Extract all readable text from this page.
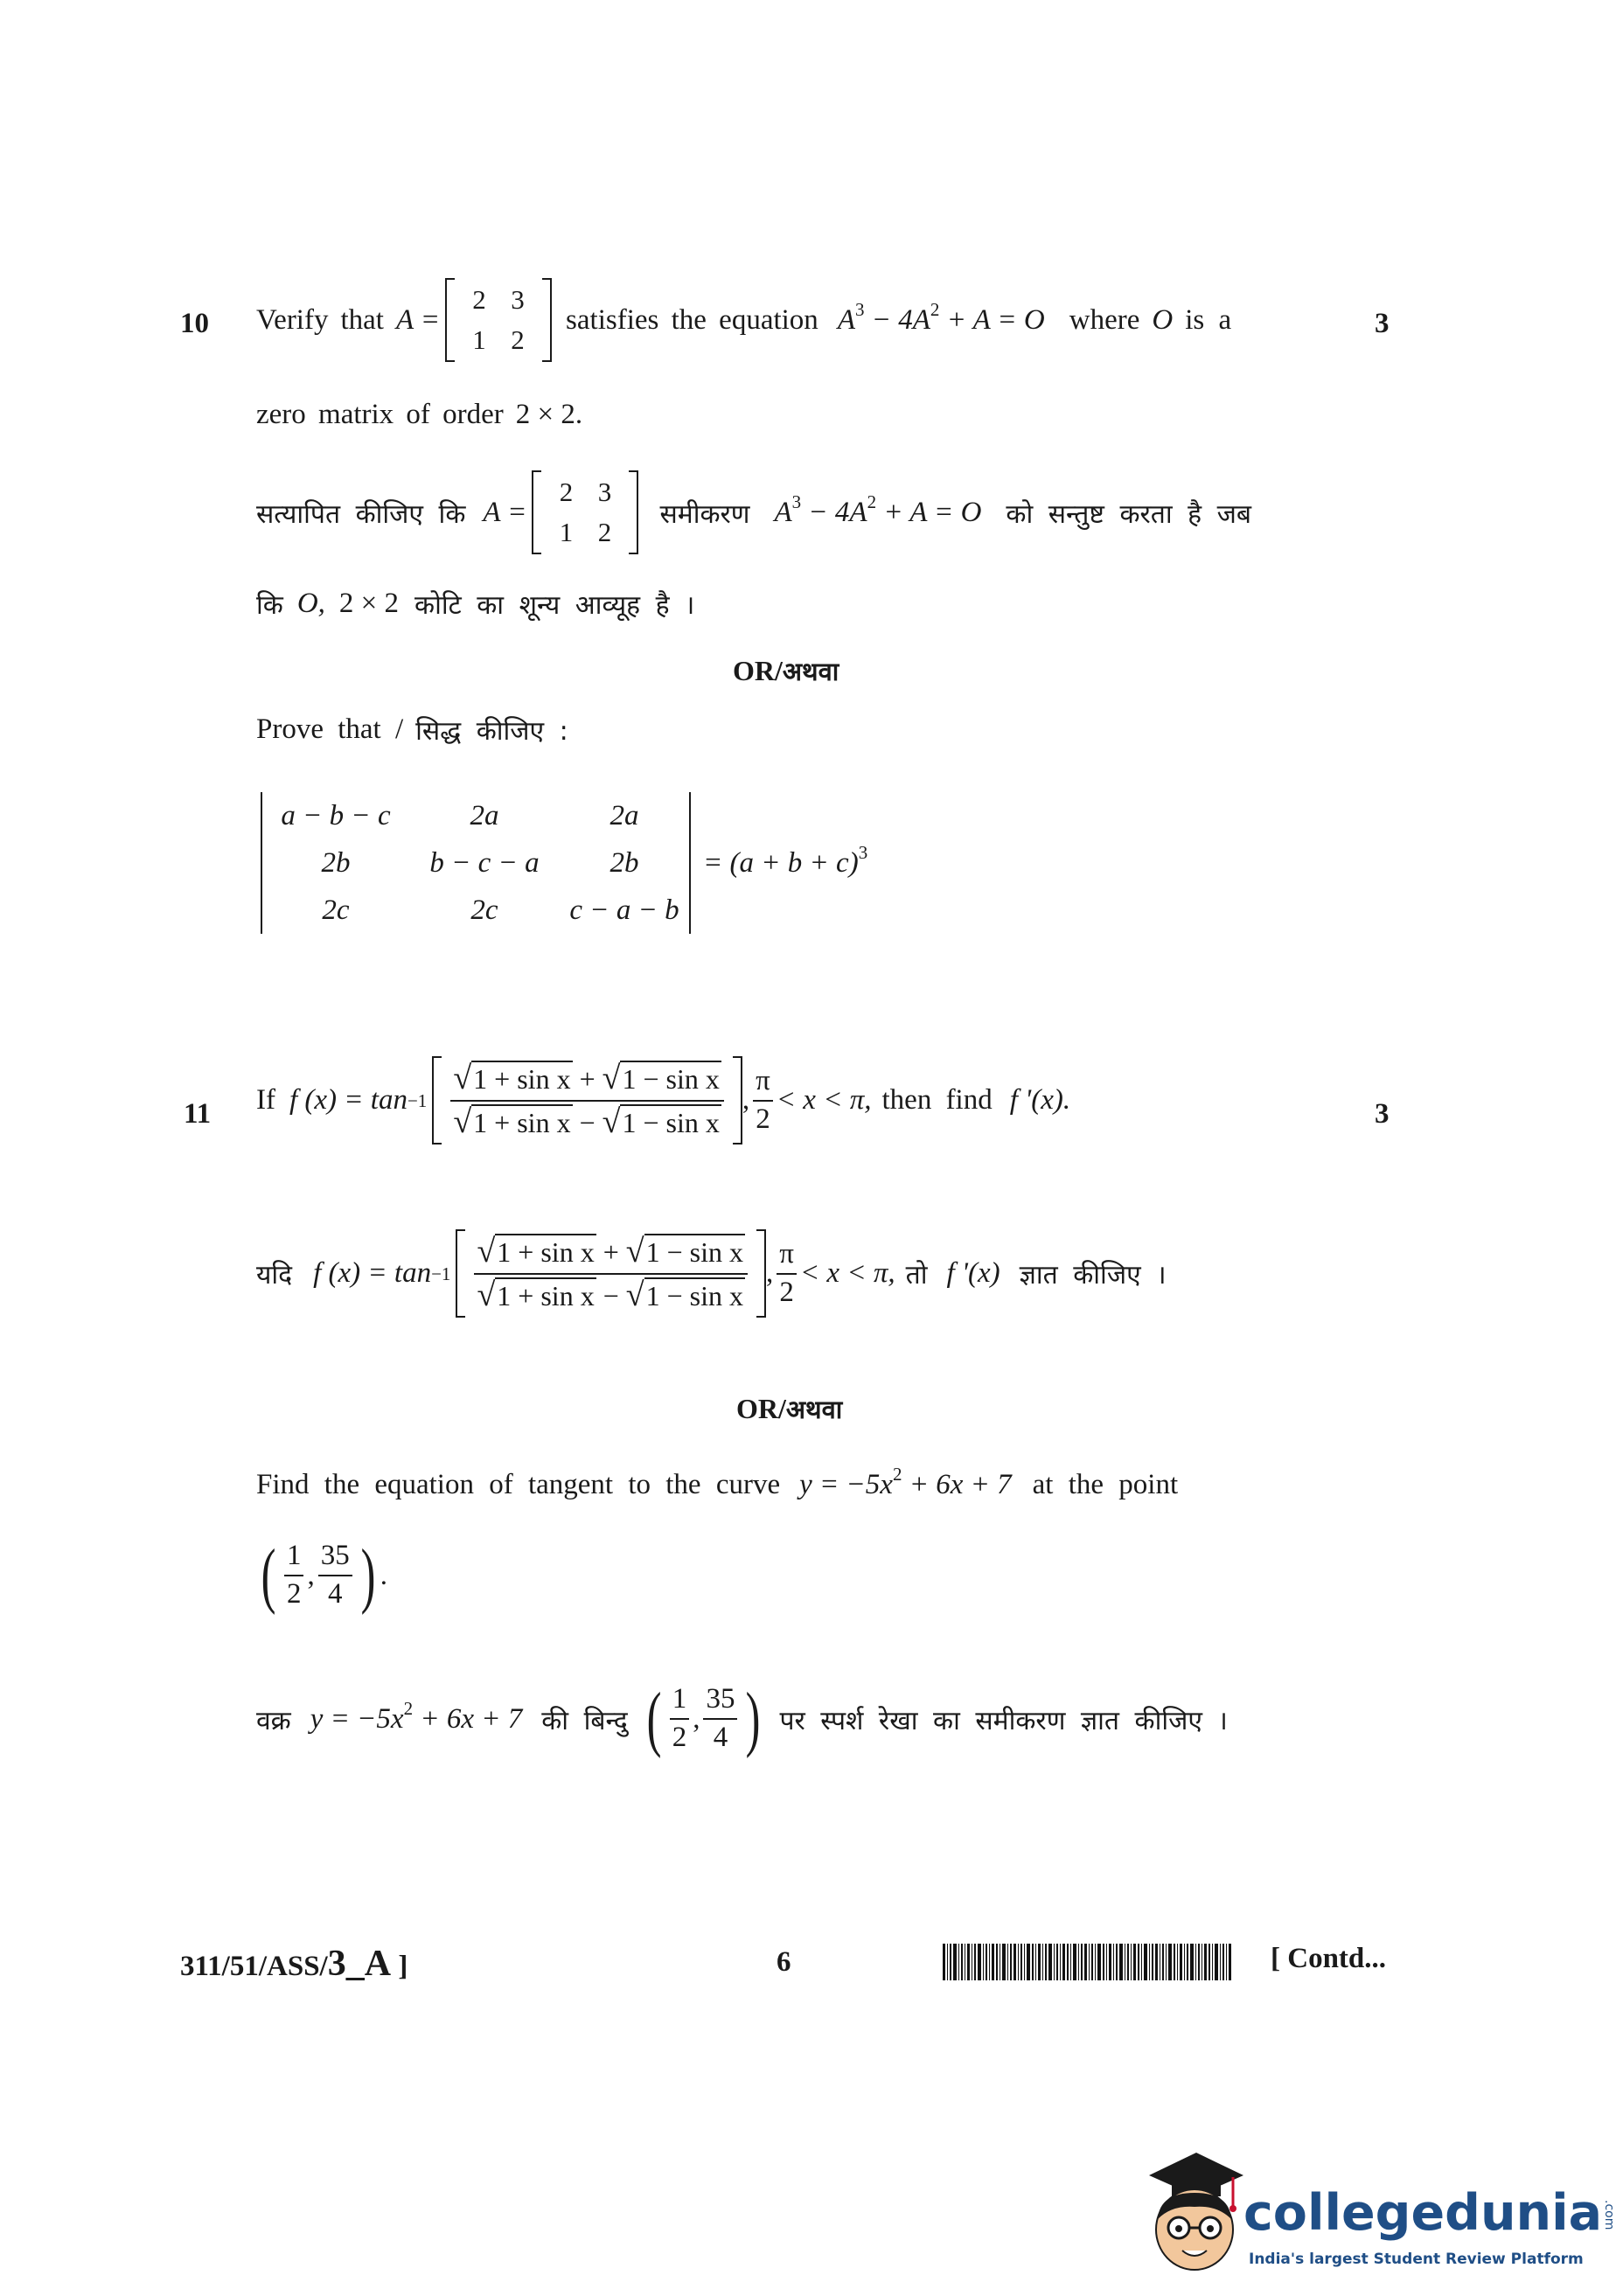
10	3
Verify that A =
2 3
1 2
satisfies the equation $A^3 - 4A^2 + A = O$ where O is a
zero matrix of order 2 × 2.
सत्यापित कीजिए कि A =
2 3
1 2
समीकरण $A^3 - 4A^2 + A = O$ को सन्तुष्ट करता है जब
कि O, 2 × 2 कोटि का शून्य आव्यूह है ।
OR/अथवा
Prove that / सिद्ध कीजिए :
a − b − c	2a	2a
2b	b − c − a	2b
2c	2c	c − a − b
= $(a + b + c)^3$
11	3
If f $(x) = \tan -1 \frac{\text{√1 + sin x + √1 − sin x}}{\text{√1 + sin x − √1 − sin x}}$ , $\frac{\pi}{2} < x < \pi$, then find f '(x).
यदि f $(x) = \tan -1 \frac{\text{√1 + sin x + √1 − sin x}}{\text{√1 + sin x − √1 − sin x}}$ , $\frac{\pi}{2} < x < \pi$, तो f '(x) ज्ञात कीजिए ।
OR/अथवा
Find the equation of tangent to the curve $y = -5x^2 + 6x + 7$ at the point
( $\frac{1}{2}$ , $\frac{35}{4}$ ) .
वक्र $y = -5x^2 + 6x + 7$ की बिन्दु ( $\frac{1}{2}$ , $\frac{35}{4}$ ) पर स्पर्श रेखा का समीकरण ज्ञात कीजिए ।
311/51/ASS/3_A ]	6	[ Contd...
collegedunia.com
India's largest Student Review Platform
